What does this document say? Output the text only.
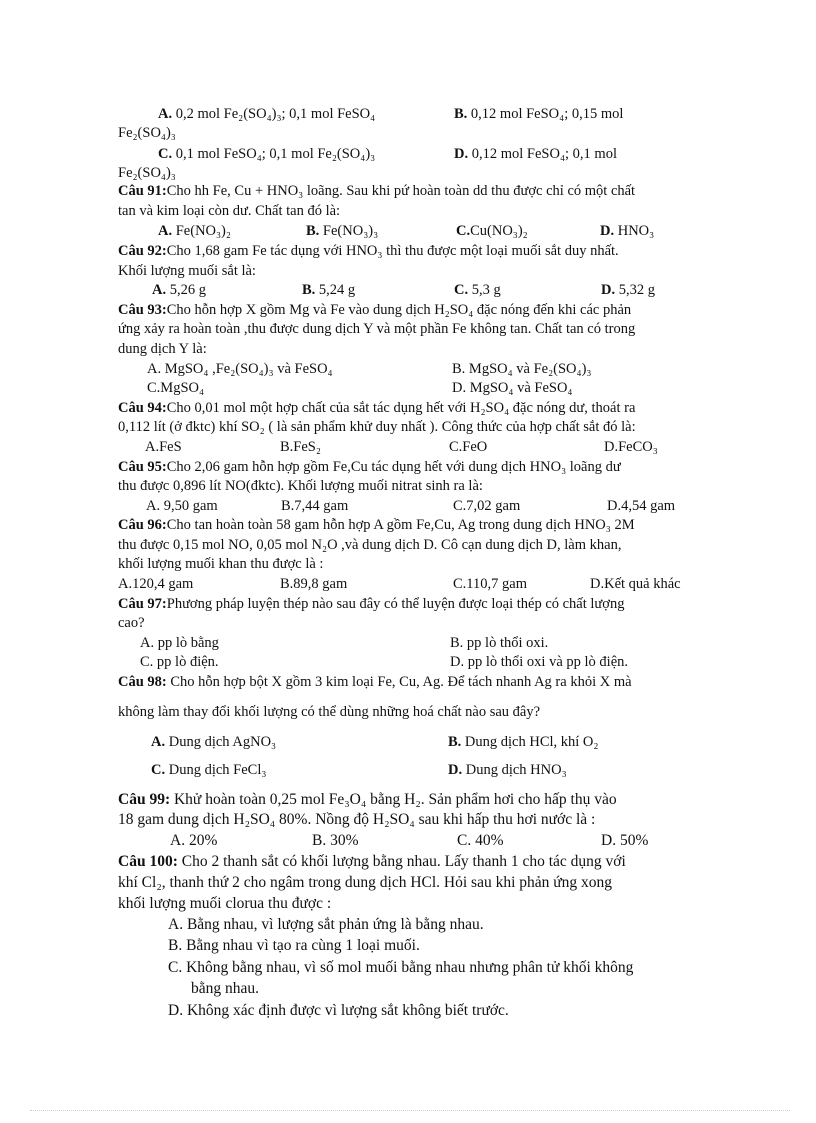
A. 0,2 mol Fe₂(SO₄)₃; 0,1 mol FeSO₄	B. 0,12 mol FeSO₄; 0,15 mol
Fe₂(SO₄)₃
C. 0,1 mol FeSO₄; 0,1 mol Fe₂(SO₄)₃	D. 0,12 mol FeSO₄; 0,1 mol
Fe₂(SO₄)₃
Câu 91:Cho hh Fe, Cu + HNO₃ loãng. Sau khi pứ hoàn toàn dd thu được chỉ có một chất
tan và kim loại còn dư. Chất tan đó là:
A. Fe(NO₃)₂	B. Fe(NO₃)₃	C.Cu(NO₃)₂	D. HNO₃
Câu 92:Cho 1,68 gam Fe tác dụng với HNO₃ thì thu được một loại muối sắt duy nhất.
Khối lượng muối sắt là:
A. 5,26 g	B. 5,24 g	C. 5,3 g	D. 5,32 g
Câu 93:Cho hỗn hợp X gồm Mg và Fe vào dung dịch H₂SO₄ đặc nóng đến khi các phản
ứng xảy ra hoàn toàn ,thu được dung dịch Y và một phần Fe không tan. Chất tan có trong
dung dịch Y là:
A. MgSO₄ ,Fe₂(SO₄)₃ và FeSO₄	B. MgSO₄ và Fe₂(SO₄)₃
C.MgSO₄	D. MgSO₄ và FeSO₄
Câu 94:Cho 0,01 mol một hợp chất của sắt tác dụng hết với H₂SO₄ đặc nóng dư, thoát ra
0,112 lít (ở đktc) khí SO₂ ( là sản phẩm khử duy nhất ). Công thức của hợp chất sắt đó là:
A.FeS	B.FeS₂	C.FeO	D.FeCO₃
Câu 95:Cho 2,06 gam hỗn hợp gồm Fe,Cu tác dụng hết với dung dịch HNO₃ loãng dư
thu được 0,896 lít NO(đktc). Khối lượng muối nitrat sinh ra là:
A. 9,50 gam	B.7,44 gam	C.7,02 gam	D.4,54 gam
Câu 96:Cho tan hoàn toàn 58 gam hỗn hợp A gồm Fe,Cu, Ag trong dung dịch HNO₃ 2M
thu được 0,15 mol NO, 0,05 mol N₂O ,và dung dịch D. Cô cạn dung dịch D, làm khan,
khối lượng muối khan thu được là :
A.120,4 gam	B.89,8 gam	C.110,7 gam	D.Kết quả khác
Câu 97:Phương pháp luyện thép nào sau đây có thể luyện được loại thép có chất lượng
cao?
A. pp lò bằng	B. pp lò thổi oxi.
C. pp lò điện.	D. pp lò thổi oxi và pp lò điện.
Câu 98: Cho hỗn hợp bột X gồm 3 kim loại Fe, Cu, Ag. Để tách nhanh Ag ra khỏi X mà
không làm thay đổi khối lượng có thể dùng những hoá chất nào sau đây?
A. Dung dịch AgNO₃	B. Dung dịch HCl, khí O₂
C. Dung dịch FeCl₃	D. Dung dịch HNO₃
Câu 99: Khử hoàn toàn 0,25 mol Fe₃O₄ bằng H₂. Sản phẩm hơi cho hấp thụ vào
18 gam dung dịch H₂SO₄ 80%. Nồng độ H₂SO₄ sau khi hấp thu hơi nước là :
A. 20%	B. 30%	C. 40%	D. 50%
Câu 100: Cho 2 thanh sắt có khối lượng bằng nhau. Lấy thanh 1 cho tác dụng với
khí Cl₂, thanh thứ 2 cho ngâm trong dung dịch HCl. Hỏi sau khi phản ứng xong
khối lượng muối clorua thu được :
A. Bằng nhau, vì lượng sắt phản ứng là bằng nhau.
B. Bằng nhau vì tạo ra cùng 1 loại muối.
C. Không bằng nhau, vì số mol muối bằng nhau nhưng phân tử khối không
bằng nhau.
D. Không xác định được vì lượng sắt không biết trước.
